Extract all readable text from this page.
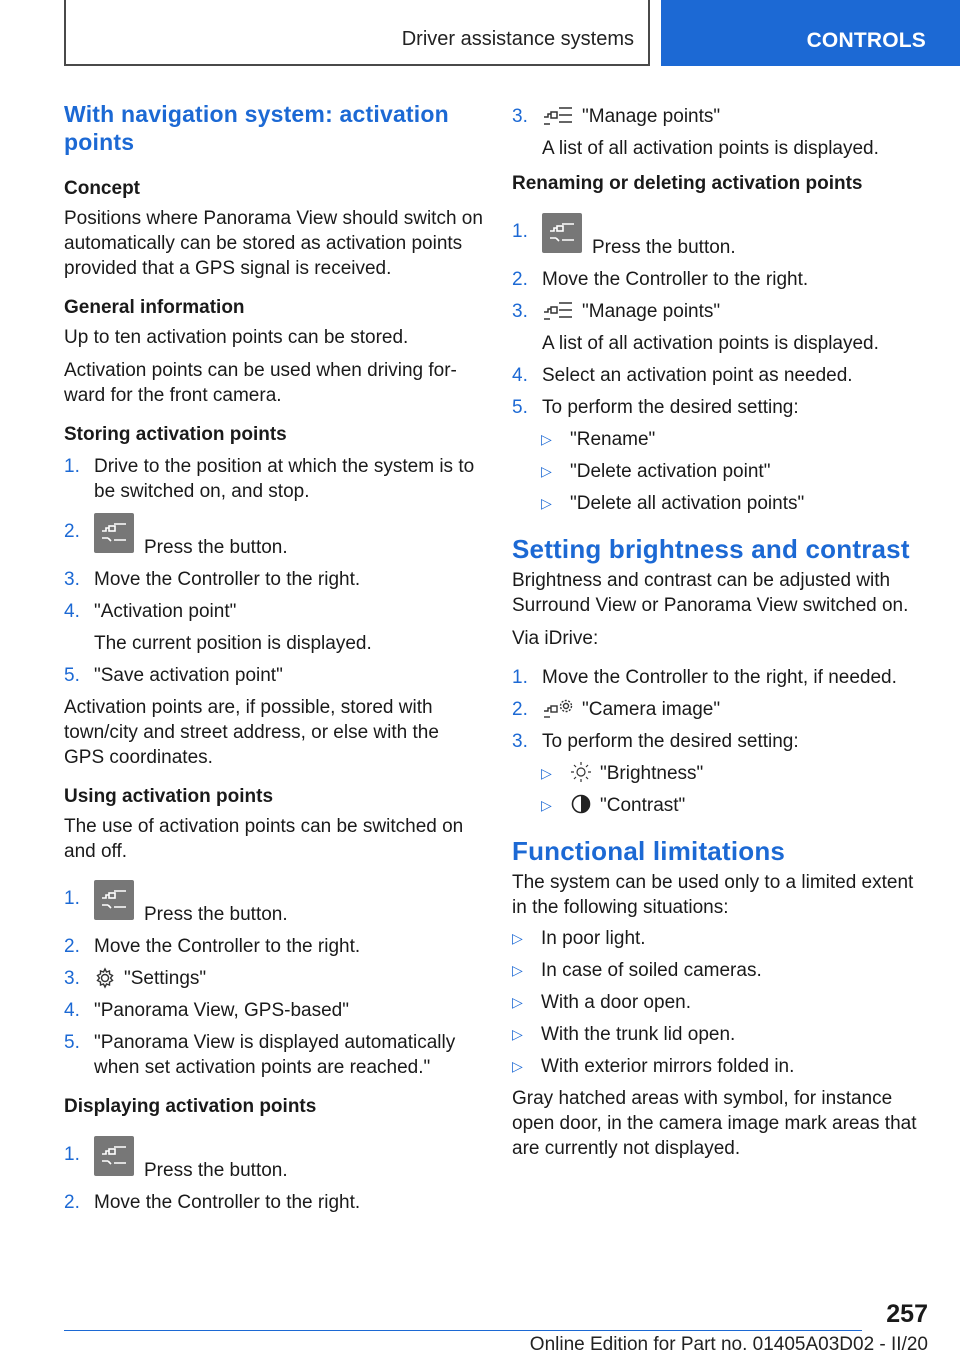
Driver assistance systems	CONTROLS
With navigation system: activation points
Concept
Positions where Panorama View should switch on automatically can be stored as activation points provided that a GPS signal is received.
General information
Up to ten activation points can be stored.
Activation points can be used when driving for-ward for the front camera.
Storing activation points
1. Drive to the position at which the system is to be switched on, and stop.
2.
Press the button.
3. Move the Controller to the right.
4. "Activation point"
The current position is displayed.
5. "Save activation point"
Activation points are, if possible, stored with town/city and street address, or else with the GPS coordinates.
Using activation points
The use of activation points can be switched on and off.
1.
Press the button.
2. Move the Controller to the right.
3.	"Settings"
4. "Panorama View, GPS-based"
5. "Panorama View is displayed automatically when set activation points are reached."
Displaying activation points
1.
Press the button.
2. Move the Controller to the right.
3.	"Manage points"
A list of all activation points is displayed.
Renaming or deleting activation points
1.
Press the button.
2. Move the Controller to the right.
3.	"Manage points"
A list of all activation points is displayed.
4. Select an activation point as needed.
5. To perform the desired setting:
▷ "Rename"
▷ "Delete activation point"
▷ "Delete all activation points"
Setting brightness and contrast
Brightness and contrast can be adjusted with Surround View or Panorama View switched on.
Via iDrive:
1. Move the Controller to the right, if needed.
2.	"Camera image"
3. To perform the desired setting:
▷	"Brightness"
▷	"Contrast"
Functional limitations
The system can be used only to a limited extent in the following situations:
▷ In poor light.
▷ In case of soiled cameras.
▷ With a door open.
▷ With the trunk lid open.
▷ With exterior mirrors folded in.
Gray hatched areas with symbol, for instance open door, in the camera image mark areas that are currently not displayed.
257
Online Edition for Part no. 01405A03D02 - II/20
